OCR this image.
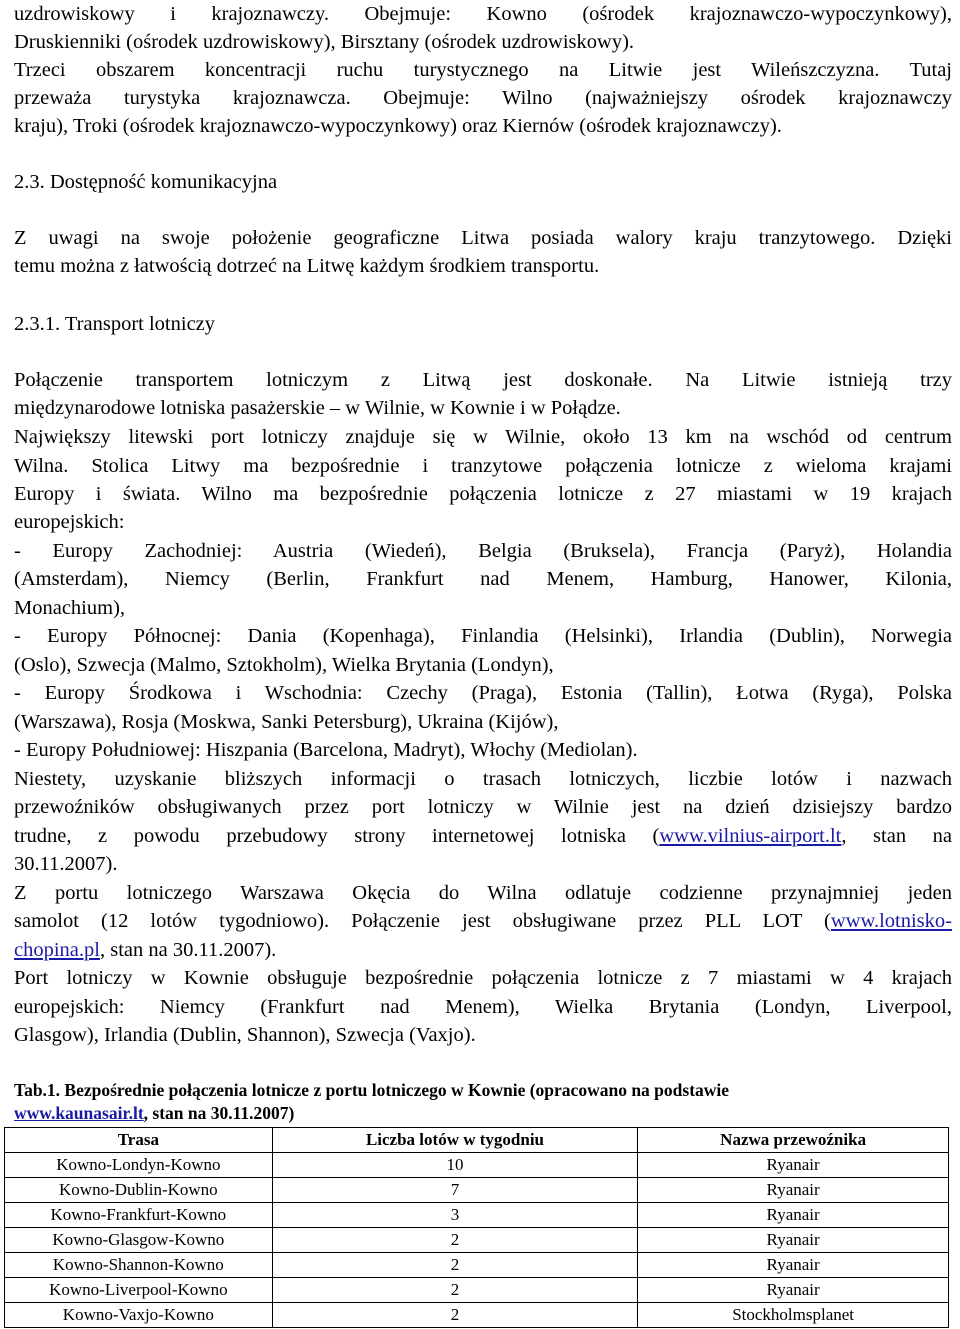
uzdrowiskowy i krajoznawczy. Obejmuje: Kowno (ośrodek krajoznawczo-wypoczynkowy),
Druskienniki (ośrodek uzdrowiskowy), Birsztany (ośrodek uzdrowiskowy).
Trzeci obszarem koncentracji ruchu turystycznego na Litwie jest Wileńszczyzna. Tutaj
przeważa turystyka krajoznawcza. Obejmuje: Wilno (najważniejszy ośrodek krajoznawczy
kraju), Troki (ośrodek krajoznawczo-wypoczynkowy) oraz Kiernów (ośrodek krajoznawczy).
2.3. Dostępność komunikacyjna
Z uwagi na swoje położenie geograficzne Litwa posiada walory kraju tranzytowego. Dzięki
temu można z łatwością dotrzeć na Litwę każdym środkiem transportu.
2.3.1. Transport lotniczy
Połączenie transportem lotniczym z Litwą jest doskonałe. Na Litwie istnieją trzy
międzynarodowe lotniska pasażerskie – w Wilnie, w Kownie i w Połądze.
Największy litewski port lotniczy znajduje się w Wilnie, około 13 km na wschód od centrum
Wilna. Stolica Litwy ma bezpośrednie i tranzytowe połączenia lotnicze z wieloma krajami
Europy i świata. Wilno ma bezpośrednie połączenia lotnicze z 27 miastami w 19 krajach
europejskich:
- Europy Zachodniej: Austria (Wiedeń), Belgia (Bruksela), Francja (Paryż), Holandia
(Amsterdam), Niemcy (Berlin, Frankfurt nad Menem, Hamburg, Hanower, Kilonia,
Monachium),
- Europy Północnej: Dania (Kopenhaga), Finlandia (Helsinki), Irlandia (Dublin), Norwegia
(Oslo), Szwecja (Malmo, Sztokholm), Wielka Brytania (Londyn),
- Europy Środkowa i Wschodnia: Czechy (Praga), Estonia (Tallin), Łotwa (Ryga), Polska
(Warszawa), Rosja (Moskwa, Sanki Petersburg), Ukraina (Kijów),
- Europy Południowej: Hiszpania (Barcelona, Madryt), Włochy (Mediolan).
Niestety, uzyskanie bliższych informacji o trasach lotniczych, liczbie lotów i nazwach
przewoźników obsługiwanych przez port lotniczy w Wilnie jest na dzień dzisiejszy bardzo
trudne, z powodu przebudowy strony internetowej lotniska (www.vilnius-airport.lt, stan na
30.11.2007).
Z portu lotniczego Warszawa Okęcia do Wilna odlatuje codzienne przynajmniej jeden
samolot (12 lotów tygodniowo). Połączenie jest obsługiwane przez PLL LOT (www.lotnisko-
chopina.pl, stan na 30.11.2007).
Port lotniczy w Kownie obsługuje bezpośrednie połączenia lotnicze z 7 miastami w 4 krajach
europejskich: Niemcy (Frankfurt nad Menem), Wielka Brytania (Londyn, Liverpool,
Glasgow), Irlandia (Dublin, Shannon), Szwecja (Vaxjo).
Tab.1. Bezpośrednie połączenia lotnicze z portu lotniczego w Kownie (opracowano na podstawie
www.kaunasair.lt, stan na 30.11.2007)
Trasa	Liczba lotów w tygodniu	Nazwa przewoźnika
Kowno-Londyn-Kowno	10	Ryanair
Kowno-Dublin-Kowno	7	Ryanair
Kowno-Frankfurt-Kowno	3	Ryanair
Kowno-Glasgow-Kowno	2	Ryanair
Kowno-Shannon-Kowno	2	Ryanair
Kowno-Liverpool-Kowno	2	Ryanair
Kowno-Vaxjo-Kowno	2	Stockholmsplanet
